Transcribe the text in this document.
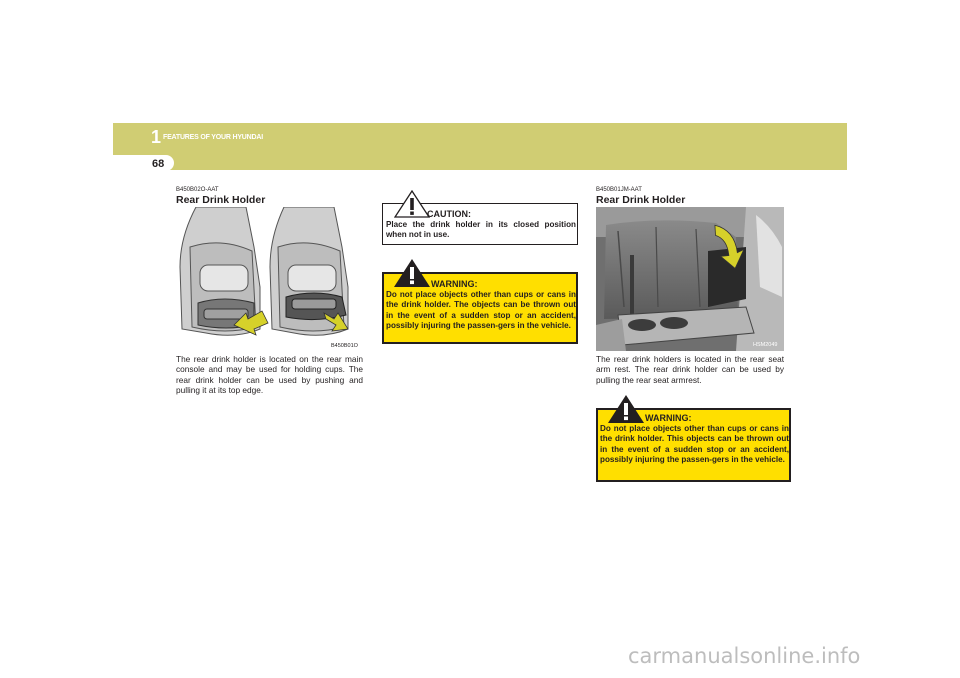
1 FEATURES OF YOUR HYUNDAI
68
B450B02O-AAT
Rear Drink Holder
B450B01O
The rear drink holder is located on the rear main console and may be used for holding cups. The rear drink holder can be used by pushing and pulling it at its top edge.
CAUTION:
Place the drink holder in its closed position when not in use.
WARNING:
Do not place objects other than cups or cans in the drink holder. The objects can be thrown out in the event of a sudden stop or an accident, possibly injuring the passen-gers in the vehicle.
B450B01JM-AAT
Rear Drink Holder
HSM2049
The rear drink holders is located in the rear seat arm rest. The rear drink holder can be used by pulling the rear seat armrest.
WARNING:
Do not place objects other than cups or cans in the drink holder. This objects can be thrown out in the event of a sudden stop or an accident, possibly injuring the passen-gers in the vehicle.
carmanualsonline.info
